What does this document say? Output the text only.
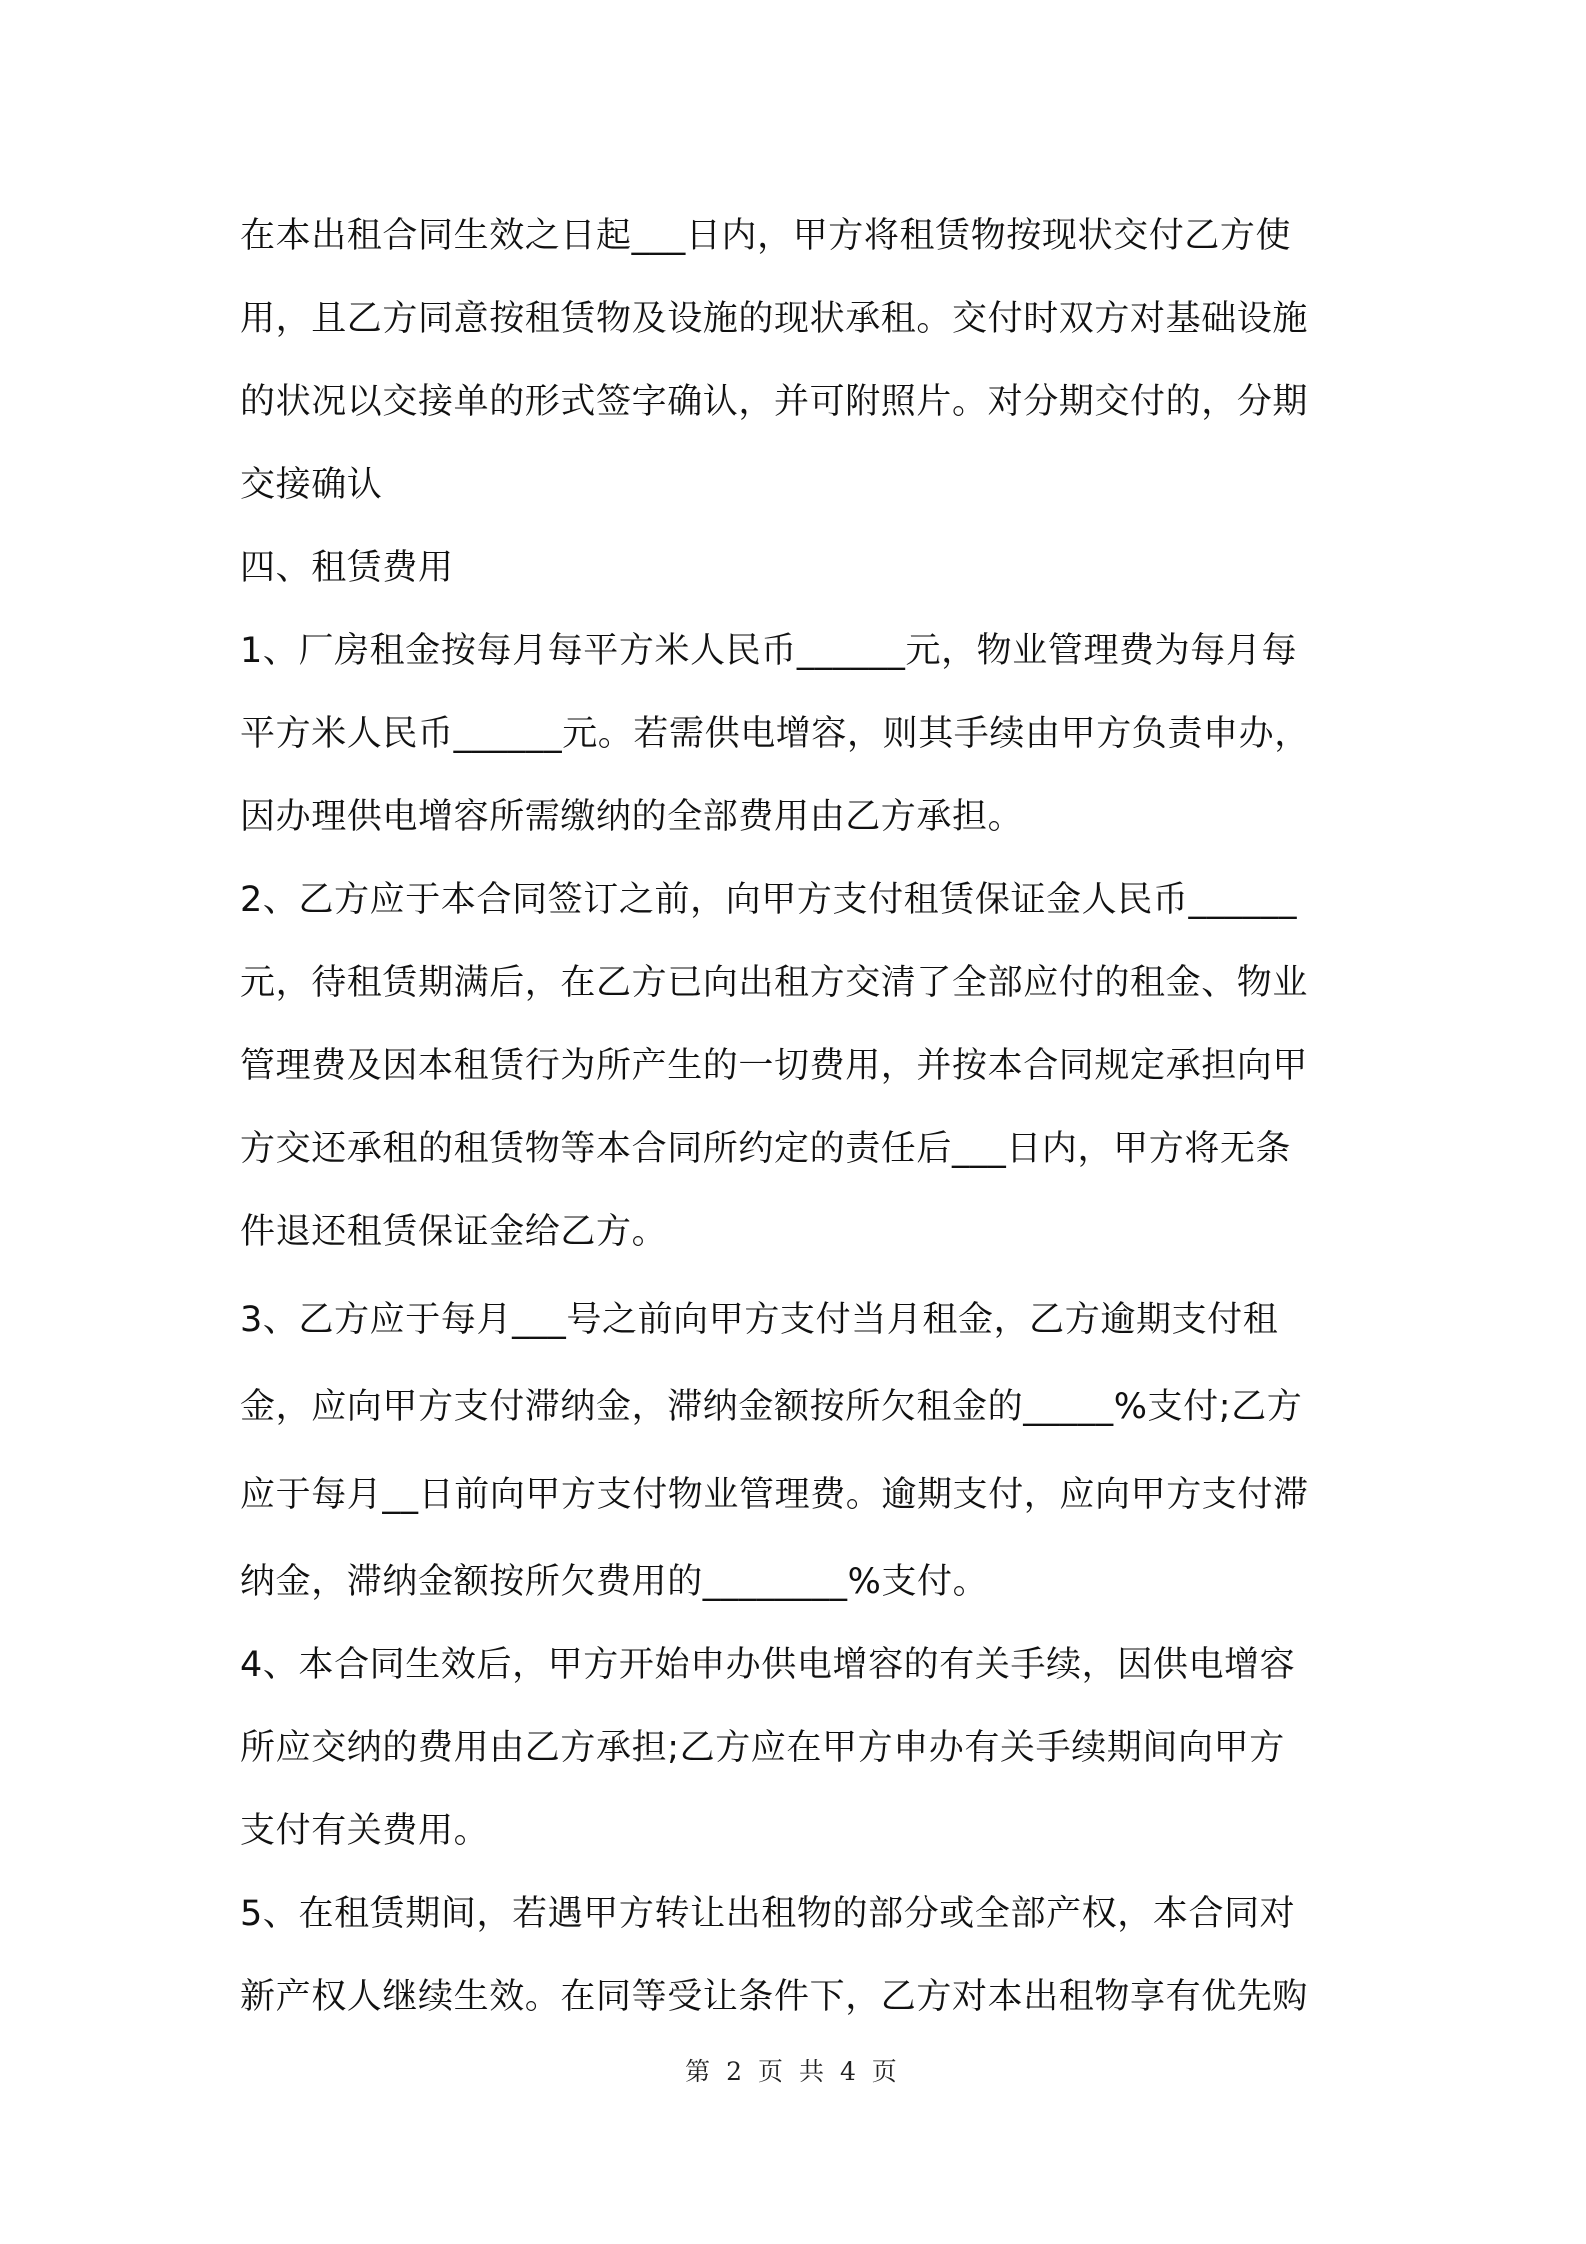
在本出租合同生效之日起___日内，甲方将租赁物按现状交付乙方使
用，且乙方同意按租赁物及设施的现状承租。交付时双方对基础设施
的状况以交接单的形式签字确认，并可附照片。对分期交付的，分期
交接确认
四、租赁费用
1、厂房租金按每月每平方米人民币______元，物业管理费为每月每
平方米人民币______元。若需供电增容，则其手续由甲方负责申办，
因办理供电增容所需缴纳的全部费用由乙方承担。
2、乙方应于本合同签订之前，向甲方支付租赁保证金人民币______
元，待租赁期满后，在乙方已向出租方交清了全部应付的租金、物业
管理费及因本租赁行为所产生的一切费用，并按本合同规定承担向甲
方交还承租的租赁物等本合同所约定的责任后___日内，甲方将无条
件退还租赁保证金给乙方。
3、乙方应于每月___号之前向甲方支付当月租金，乙方逾期支付租
金，应向甲方支付滞纳金，滞纳金额按所欠租金的_____%支付;乙方
应于每月__日前向甲方支付物业管理费。逾期支付，应向甲方支付滞
纳金，滞纳金额按所欠费用的________%支付。
4、本合同生效后，甲方开始申办供电增容的有关手续，因供电增容
所应交纳的费用由乙方承担;乙方应在甲方申办有关手续期间向甲方
支付有关费用。
5、在租赁期间，若遇甲方转让出租物的部分或全部产权，本合同对
新产权人继续生效。在同等受让条件下，乙方对本出租物享有优先购
第 2 页 共 4 页
